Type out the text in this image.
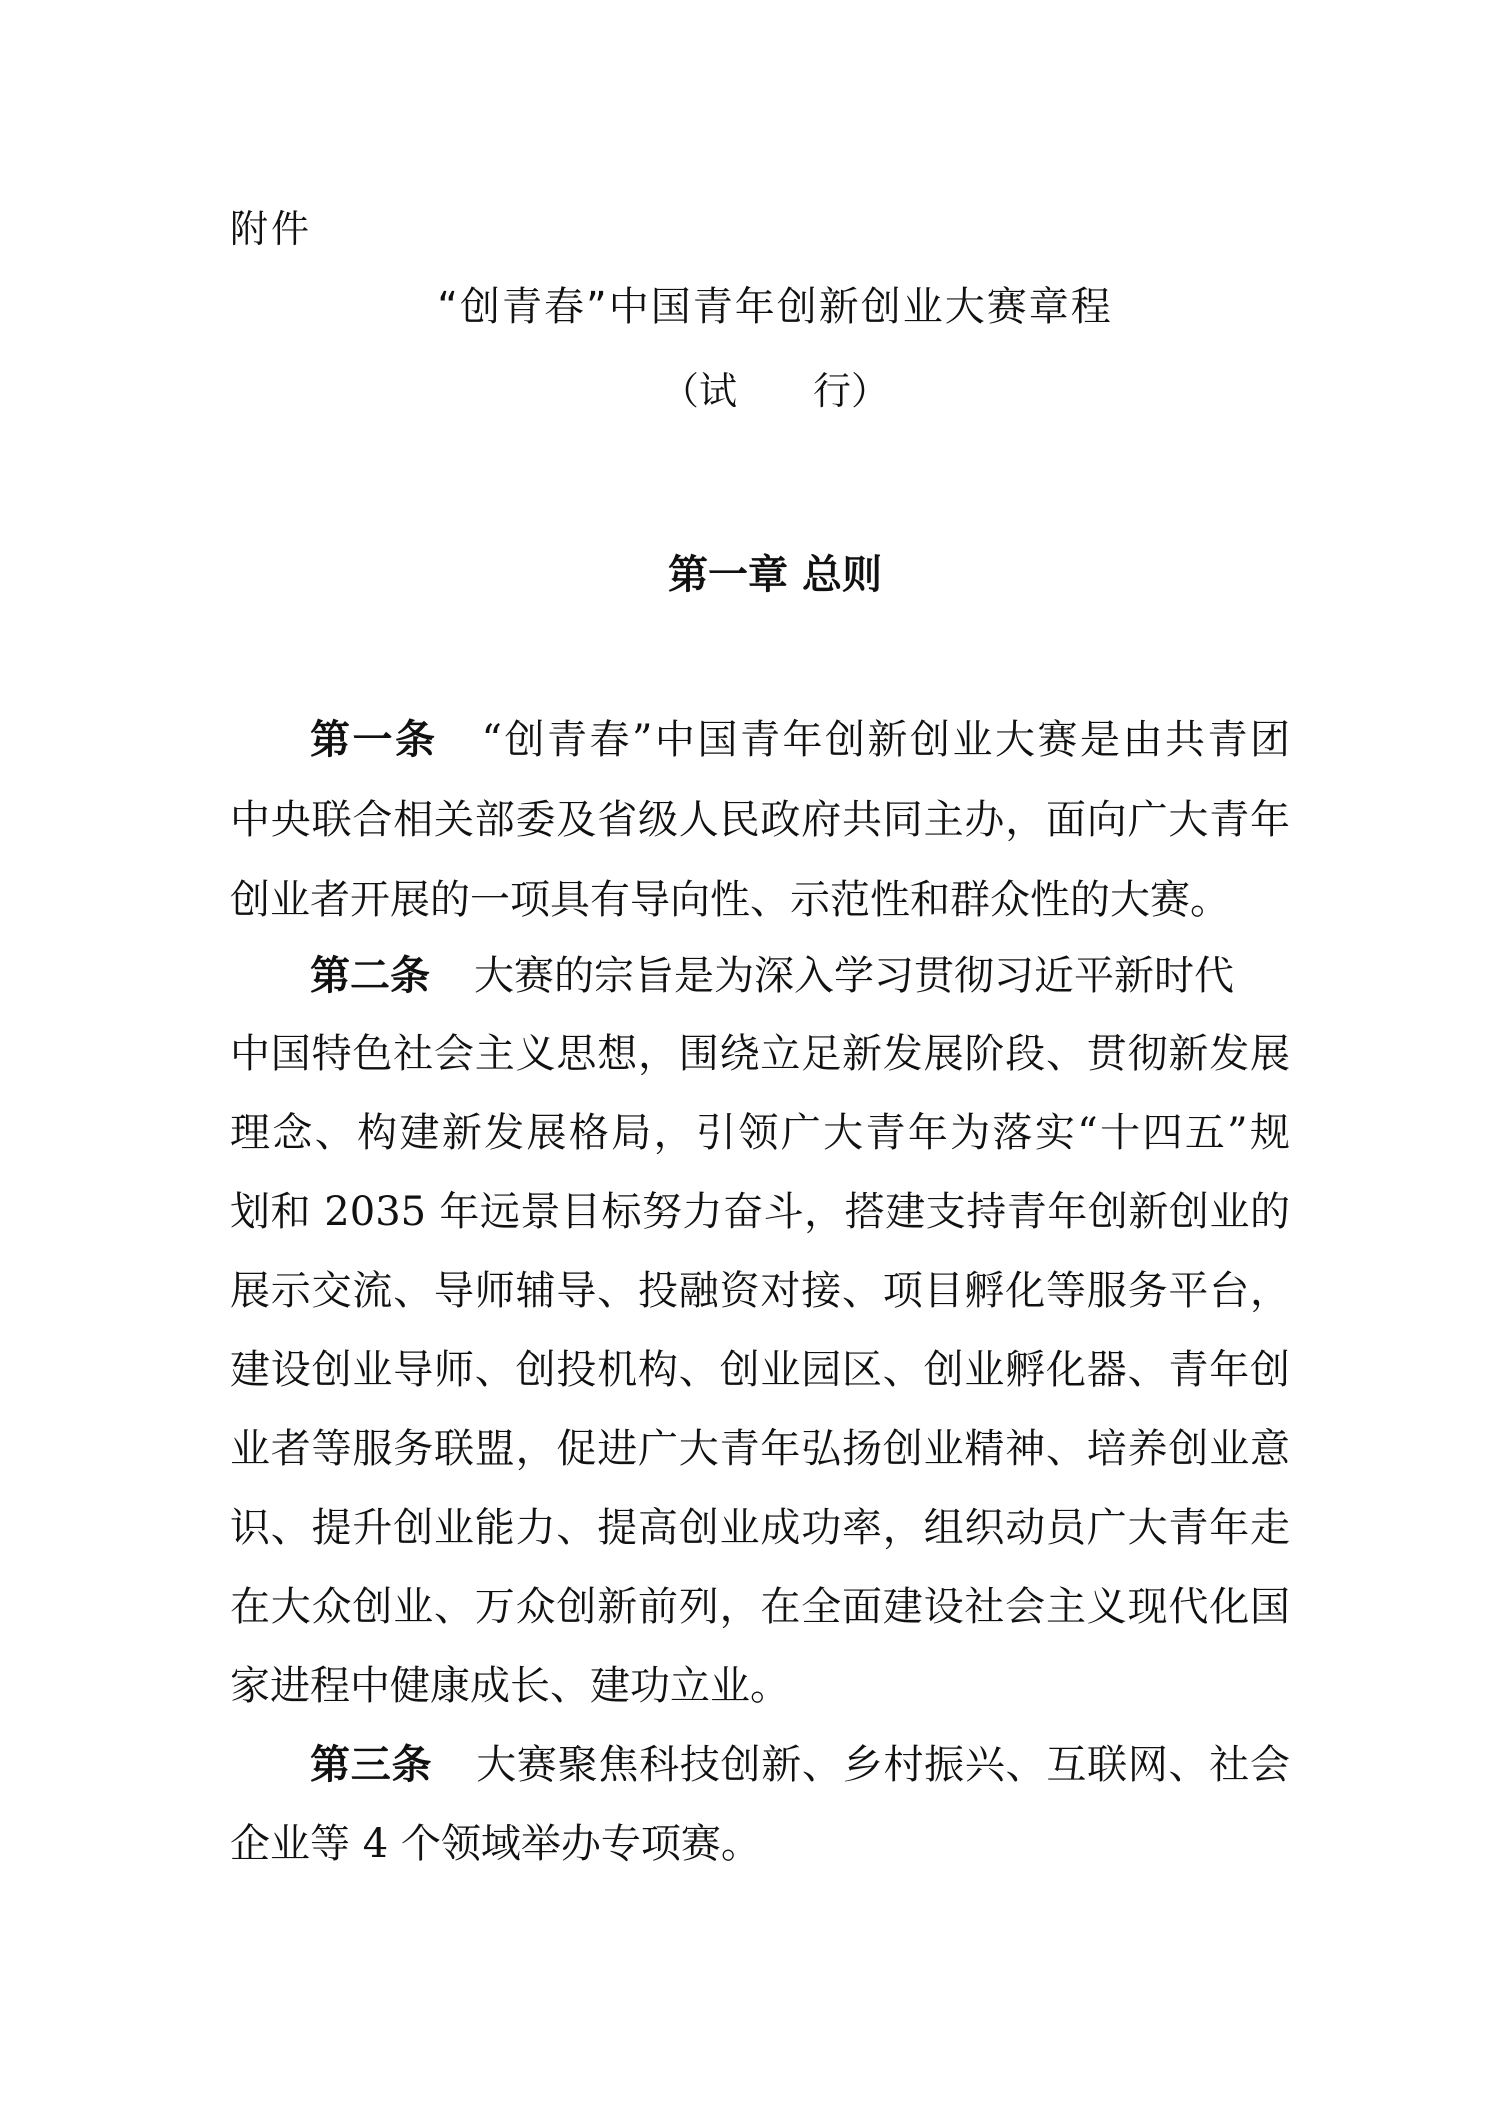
附件
“创青春”中国青年创新创业大赛章程
（试　　行）
第一章 总则
第一条 “创青春”中国青年创新创业大赛是由共青团
中央联合相关部委及省级人民政府共同主办，面向广大青年
创业者开展的一项具有导向性、示范性和群众性的大赛。
第二条 大赛的宗旨是为深入学习贯彻习近平新时代
中国特色社会主义思想，围绕立足新发展阶段、贯彻新发展
理念、构建新发展格局，引领广大青年为落实“十四五”规
划和 2035 年远景目标努力奋斗，搭建支持青年创新创业的
展示交流、导师辅导、投融资对接、项目孵化等服务平台，
建设创业导师、创投机构、创业园区、创业孵化器、青年创
业者等服务联盟，促进广大青年弘扬创业精神、培养创业意
识、提升创业能力、提高创业成功率，组织动员广大青年走
在大众创业、万众创新前列，在全面建设社会主义现代化国
家进程中健康成长、建功立业。
第三条 大赛聚焦科技创新、乡村振兴、互联网、社会
企业等 4 个领域举办专项赛。
